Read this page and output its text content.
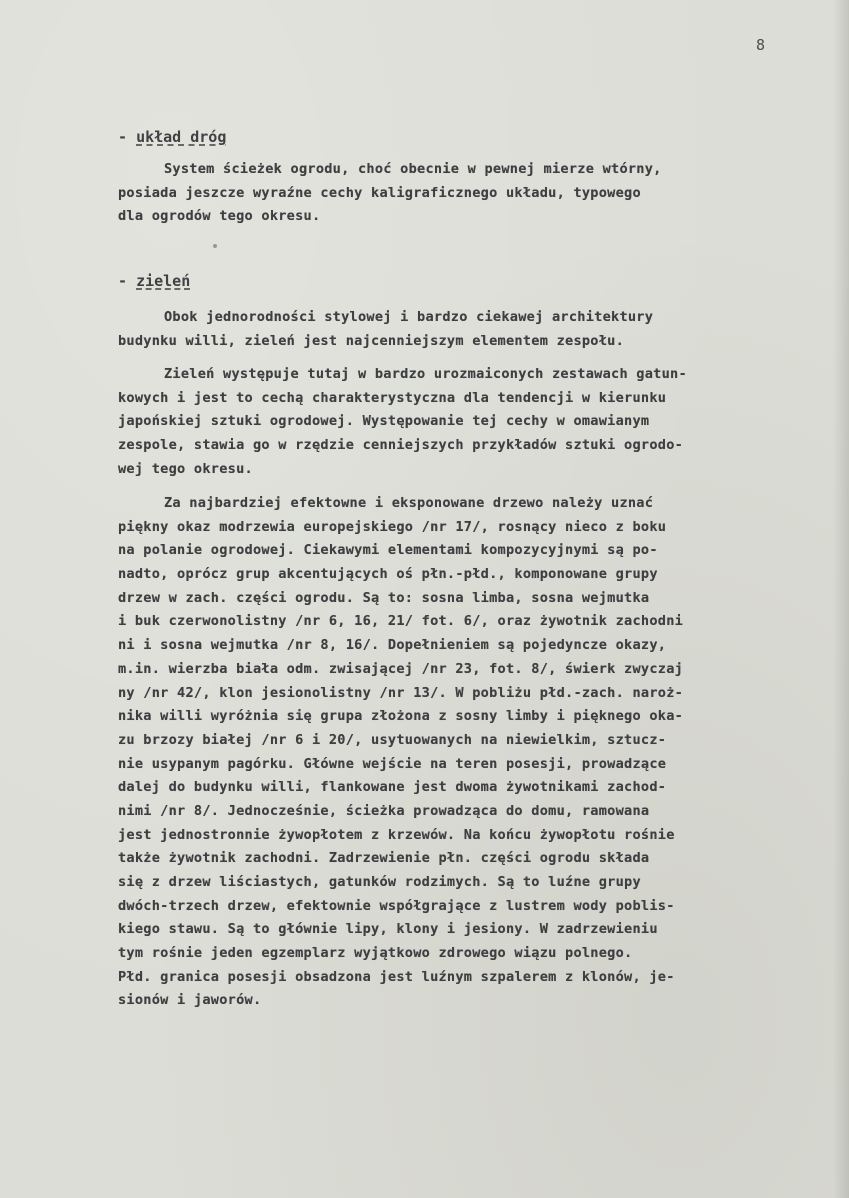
8
- układ dróg
System ścieżek ogrodu, choć obecnie w pewnej mierze wtórny,
posiada jeszcze wyraźne cechy kaligraficznego układu, typowego
dla ogrodów tego okresu.
- zieleń
Obok jednorodności stylowej i bardzo ciekawej architektury
budynku willi, zieleń jest najcenniejszym elementem zespołu.
Zieleń występuje tutaj w bardzo urozmaiconych zestawach gatun-
kowych i jest to cechą charakterystyczna dla tendencji w kierunku
japońskiej sztuki ogrodowej. Występowanie tej cechy w omawianym
zespole, stawia go w rzędzie cenniejszych przykładów sztuki ogrodo-
wej tego okresu.
Za najbardziej efektowne i eksponowane drzewo należy uznać
piękny okaz modrzewia europejskiego /nr 17/, rosnący nieco z boku
na polanie ogrodowej. Ciekawymi elementami kompozycyjnymi są po-
nadto, oprócz grup akcentujących oś płn.-płd., komponowane grupy
drzew w zach. części ogrodu. Są to: sosna limba, sosna wejmutka
i buk czerwonolistny /nr 6, 16, 21/ fot. 6/, oraz żywotnik zachodni
ni i sosna wejmutka /nr 8, 16/. Dopełnieniem są pojedyncze okazy,
m.in. wierzba biała odm. zwisającej /nr 23, fot. 8/, świerk zwyczaj
ny /nr 42/, klon jesionolistny /nr 13/. W pobliżu płd.-zach. naroż-
nika willi wyróżnia się grupa złożona z sosny limby i pięknego oka-
zu brzozy białej /nr 6 i 20/, usytuowanych na niewielkim, sztucz-
nie usypanym pagórku. Główne wejście na teren posesji, prowadzące
dalej do budynku willi, flankowane jest dwoma żywotnikami zachod-
nimi /nr 8/. Jednocześnie, ścieżka prowadząca do domu, ramowana
jest jednostronnie żywopłotem z krzewów. Na końcu żywopłotu rośnie
także żywotnik zachodni. Zadrzewienie płn. części ogrodu składa
się z drzew liściastych, gatunków rodzimych. Są to luźne grupy
dwóch-trzech drzew, efektownie współgrające z lustrem wody poblis-
kiego stawu. Są to głównie lipy, klony i jesiony. W zadrzewieniu
tym rośnie jeden egzemplarz wyjątkowo zdrowego wiązu polnego.
Płd. granica posesji obsadzona jest luźnym szpalerem z klonów, je-
sionów i jaworów.
